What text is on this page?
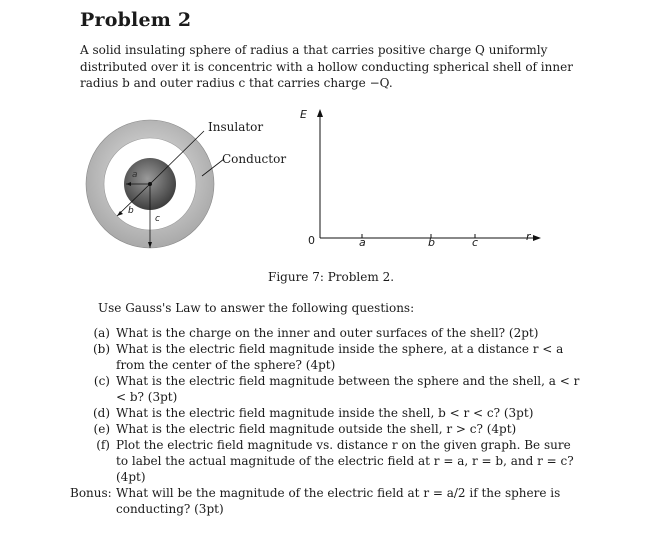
Problem 2
A solid insulating sphere of radius a that carries positive charge Q uniformly distributed over it is concentric with a hollow conducting spherical shell of inner radius b and outer radius c that carries charge −Q.
Insulator
Conductor
a
b
c
E
0	a	b	c	r
Figure 7: Problem 2.
Use Gauss's Law to answer the following questions:
(a) What is the charge on the inner and outer surfaces of the shell? (2pt)
(b) What is the electric field magnitude inside the sphere, at a distance r < a from the center of the sphere? (4pt)
(c) What is the electric field magnitude between the sphere and the shell, a < r < b? (3pt)
(d) What is the electric field magnitude inside the shell, b < r < c? (3pt)
(e) What is the electric field magnitude outside the shell, r > c? (4pt)
(f) Plot the electric field magnitude vs. distance r on the given graph. Be sure to label the actual magnitude of the electric field at r = a, r = b, and r = c? (4pt)
Bonus: What will be the magnitude of the electric field at r = a/2 if the sphere is conducting? (3pt)
